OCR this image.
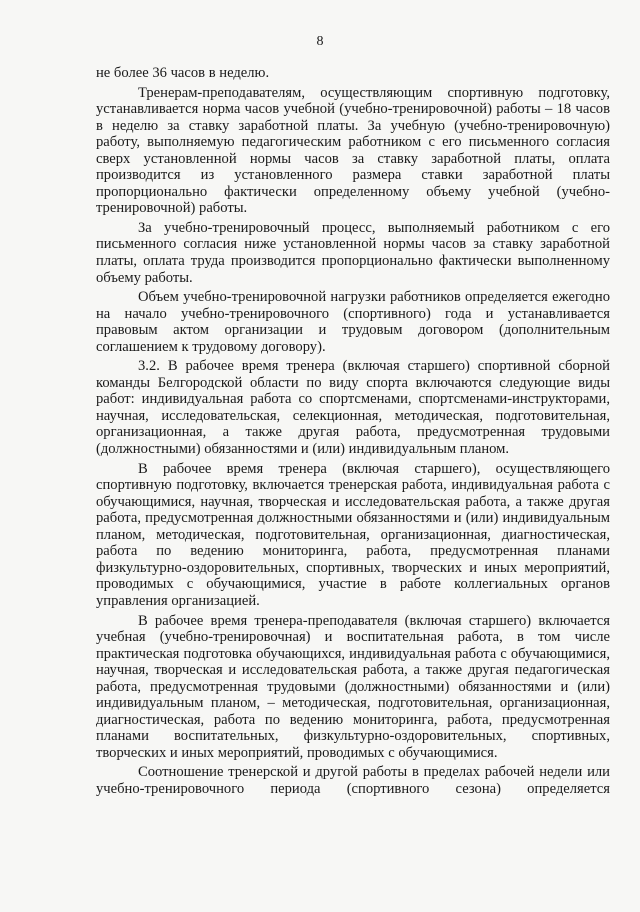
8

не более 36 часов в неделю.

Тренерам-преподавателям, осуществляющим спортивную подготовку, устанавливается норма часов учебной (учебно-тренировочной) работы – 18 часов в неделю за ставку заработной платы. За учебную (учебно-тренировочную) работу, выполняемую педагогическим работником с его письменного согласия сверх установленной нормы часов за ставку заработной платы, оплата производится из установленного размера ставки заработной платы пропорционально фактически определенному объему учебной (учебно-тренировочной) работы.

За учебно-тренировочный процесс, выполняемый работником с его письменного согласия ниже установленной нормы часов за ставку заработной платы, оплата труда производится пропорционально фактически выполненному объему работы.

Объем учебно-тренировочной нагрузки работников определяется ежегодно на начало учебно-тренировочного (спортивного) года и устанавливается правовым актом организации и трудовым договором (дополнительным соглашением к трудовому договору).

3.2. В рабочее время тренера (включая старшего) спортивной сборной команды Белгородской области по виду спорта включаются следующие виды работ: индивидуальная работа со спортсменами, спортсменами-инструкторами, научная, исследовательская, селекционная, методическая, подготовительная, организационная, а также другая работа, предусмотренная трудовыми (должностными) обязанностями и (или) индивидуальным планом.

В рабочее время тренера (включая старшего), осуществляющего спортивную подготовку, включается тренерская работа, индивидуальная работа с обучающимися, научная, творческая и исследовательская работа, а также другая работа, предусмотренная должностными обязанностями и (или) индивидуальным планом, методическая, подготовительная, организационная, диагностическая, работа по ведению мониторинга, работа, предусмотренная планами физкультурно-оздоровительных, спортивных, творческих и иных мероприятий, проводимых с обучающимися, участие в работе коллегиальных органов управления организацией.

В рабочее время тренера-преподавателя (включая старшего) включается учебная (учебно-тренировочная) и воспитательная работа, в том числе практическая подготовка обучающихся, индивидуальная работа с обучающимися, научная, творческая и исследовательская работа, а также другая педагогическая работа, предусмотренная трудовыми (должностными) обязанностями и (или) индивидуальным планом, – методическая, подготовительная, организационная, диагностическая, работа по ведению мониторинга, работа, предусмотренная планами воспитательных, физкультурно-оздоровительных, спортивных, творческих и иных мероприятий, проводимых с обучающимися.

Соотношение тренерской и другой работы в пределах рабочей недели или учебно-тренировочного периода (спортивного сезона) определяется
